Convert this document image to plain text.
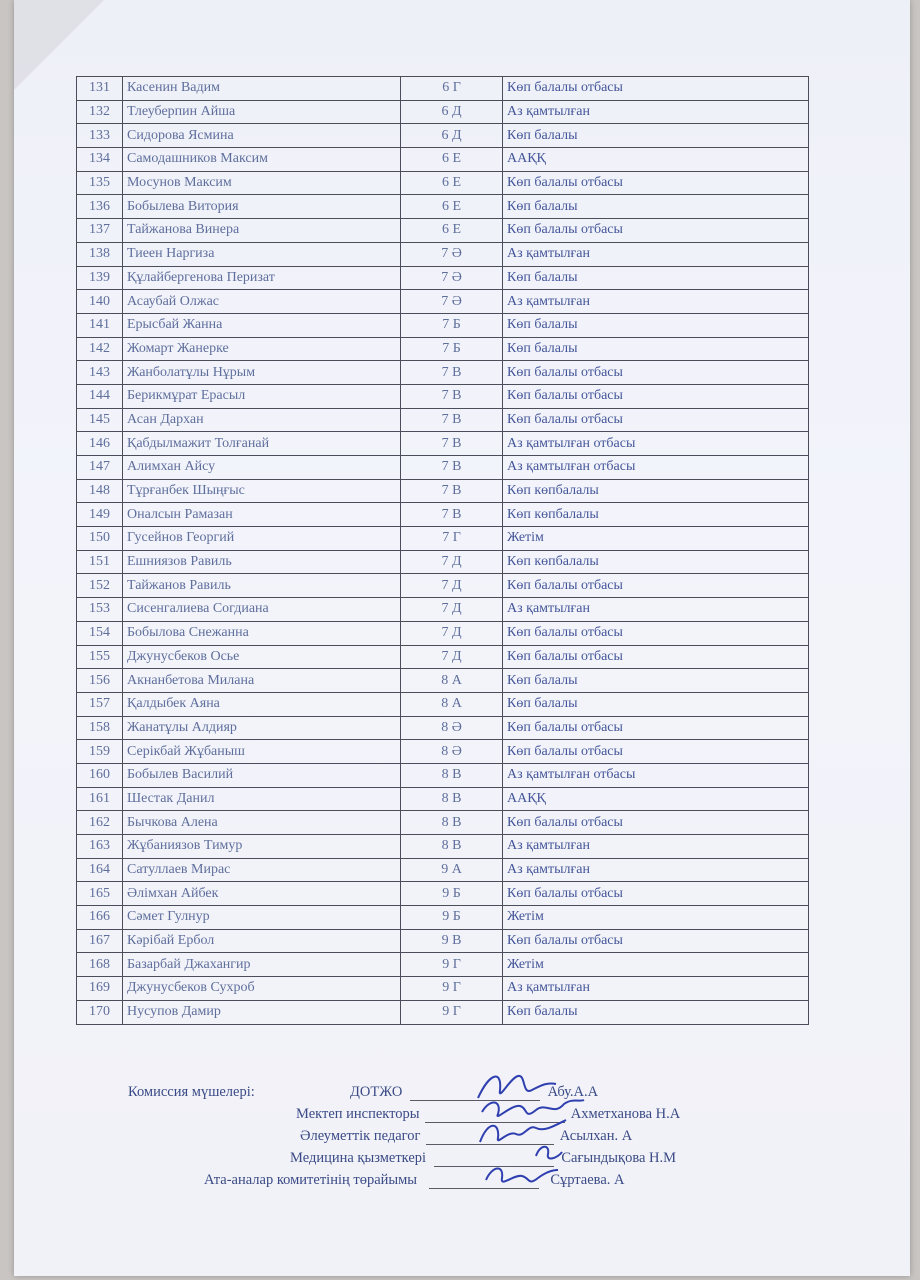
131	Касенин Вадим	6 Г	Көп балалы отбасы
132	Тлеуберпин Айша	6 Д	Аз қамтылған
133	Сидорова Ясмина	6 Д	Көп балалы
134	Самодашников Максим	6 Е	ААҚҚ
135	Мосунов Максим	6 Е	Көп балалы отбасы
136	Бобылева Витория	6 Е	Көп балалы
137	Тайжанова Винера	6 Е	Көп балалы отбасы
138	Тиеен Наргиза	7 Ә	Аз қамтылған
139	Құлайбергенова Перизат	7 Ә	Көп балалы
140	Асаубай Олжас	7 Ә	Аз қамтылған
141	Ерысбай Жанна	7 Б	Көп балалы
142	Жомарт Жанерке	7 Б	Көп балалы
143	Жанболатұлы Нұрым	7 В	Көп балалы отбасы
144	Берикмұрат Ерасыл	7 В	Көп балалы отбасы
145	Асан Дархан	7 В	Көп балалы отбасы
146	Қабдылмажит Толғанай	7 В	Аз қамтылған отбасы
147	Алимхан Айсу	7 В	Аз қамтылған отбасы
148	Тұрғанбек Шыңғыс	7 В	Көп көпбалалы
149	Оналсын Рамазан	7 В	Көп көпбалалы
150	Гусейнов Георгий	7 Г	Жетім
151	Ешниязов Равиль	7 Д	Көп көпбалалы
152	Тайжанов Равиль	7 Д	Көп балалы отбасы
153	Сисенгалиева Согдиана	7 Д	Аз қамтылған
154	Бобылова Снежанна	7 Д	Көп балалы отбасы
155	Джунусбеков Осье	7 Д	Көп балалы отбасы
156	Акнанбетова Милана	8 А	Көп балалы
157	Қалдыбек Аяна	8 А	Көп балалы
158	Жанатұлы Алдияр	8 Ә	Көп балалы отбасы
159	Серікбай Жұбаныш	8 Ә	Көп балалы отбасы
160	Бобылев Василий	8 В	Аз қамтылған отбасы
161	Шестак Данил	8 В	ААҚҚ
162	Бычкова Алена	8 В	Көп балалы отбасы
163	Жұбаниязов Тимур	8 В	Аз қамтылған
164	Сатуллаев Мирас	9 А	Аз қамтылған
165	Әлімхан Айбек	9 Б	Көп балалы отбасы
166	Сәмет Гулнур	9 Б	Жетім
167	Кәрібай Ербол	9 В	Көп балалы отбасы
168	Базарбай Джахангир	9 Г	Жетім
169	Джунусбеков Сухроб	9 Г	Аз қамтылған
170	Нусупов Дамир	9 Г	Көп балалы
Комиссия мүшелері:	ДОТЖО	Абу.А.А
Мектеп инспекторы	Ахметханова Н.А
Әлеуметтік педагог	Асылхан. А
Медицина қызметкері	Сағындықова Н.М
Ата-аналар комитетінің төрайымы	Сұртаева. А
